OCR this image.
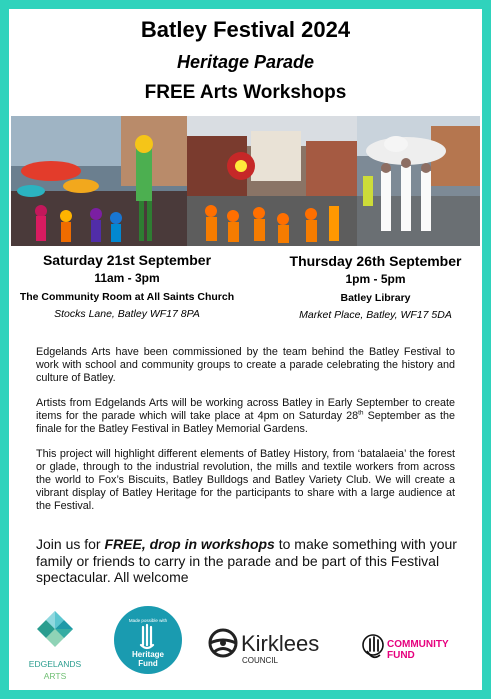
Batley Festival 2024
Heritage Parade
FREE Arts Workshops
Saturday 21st September
11am - 3pm
The Community Room at All Saints Church
Stocks Lane, Batley WF17 8PA
Thursday 26th September
1pm - 5pm
Batley Library
Market Place, Batley, WF17 5DA
Edgelands Arts have been commissioned by the team behind the Batley Festival to work with school and community groups to create a parade celebrating the history and culture of Batley.
Artists from Edgelands Arts will be working across Batley in Early September to create items for the parade which will take place at 4pm on Saturday 28th September as the finale for the Batley Festival in Batley Memorial Gardens.
This project will highlight different elements of Batley History, from ‘batalaeia’ the forest or glade, through to the industrial revolution, the mills and textile workers from across the world to Fox’s Biscuits, Batley Bulldogs and Batley Variety Club. We will create a vibrant display of Batley Heritage for the participants to share with a large audience at the Festival.
Join us for FREE, drop in workshops to make something with your family or friends to carry in the parade and be part of this Festival spectacular. All welcome
EDGELANDS
ARTS
Made possible with
Heritage
Fund
Kirklees
COUNCIL
COMMUNITY
FUND
